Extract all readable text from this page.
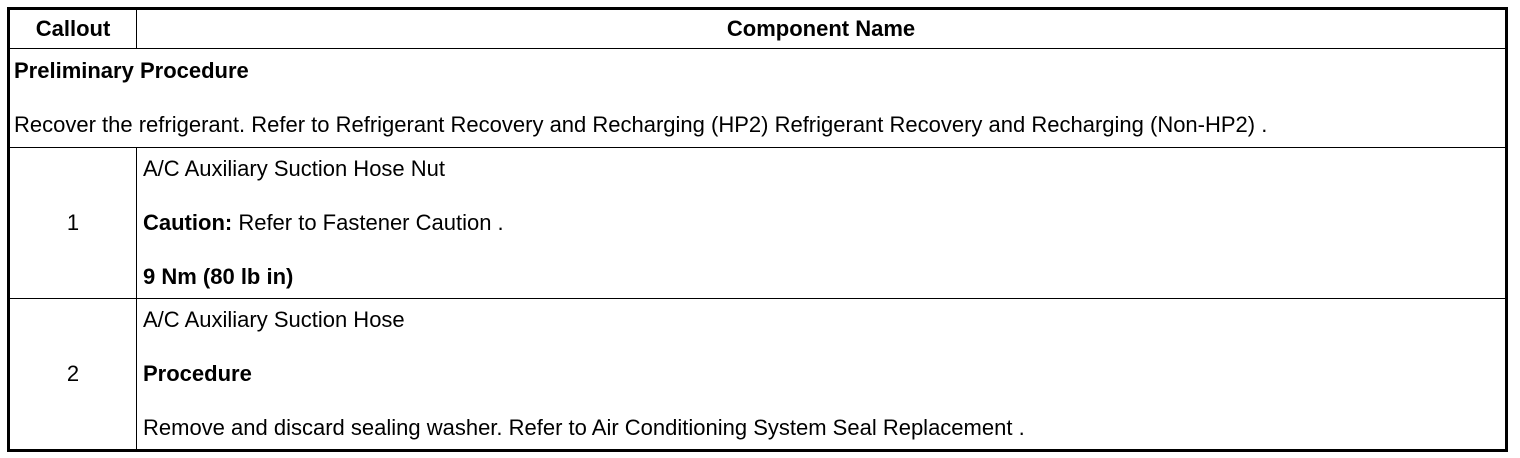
Callout	Component Name

Preliminary Procedure
Recover the refrigerant. Refer to Refrigerant Recovery and Recharging (HP2) Refrigerant Recovery and Recharging (Non-HP2) .	

1	A/C Auxiliary Suction Hose Nut
Caution: Refer to Fastener Caution .
9 Nm (80 lb in)

2	A/C Auxiliary Suction Hose
Procedure
Remove and discard sealing washer. Refer to Air Conditioning System Seal Replacement .
